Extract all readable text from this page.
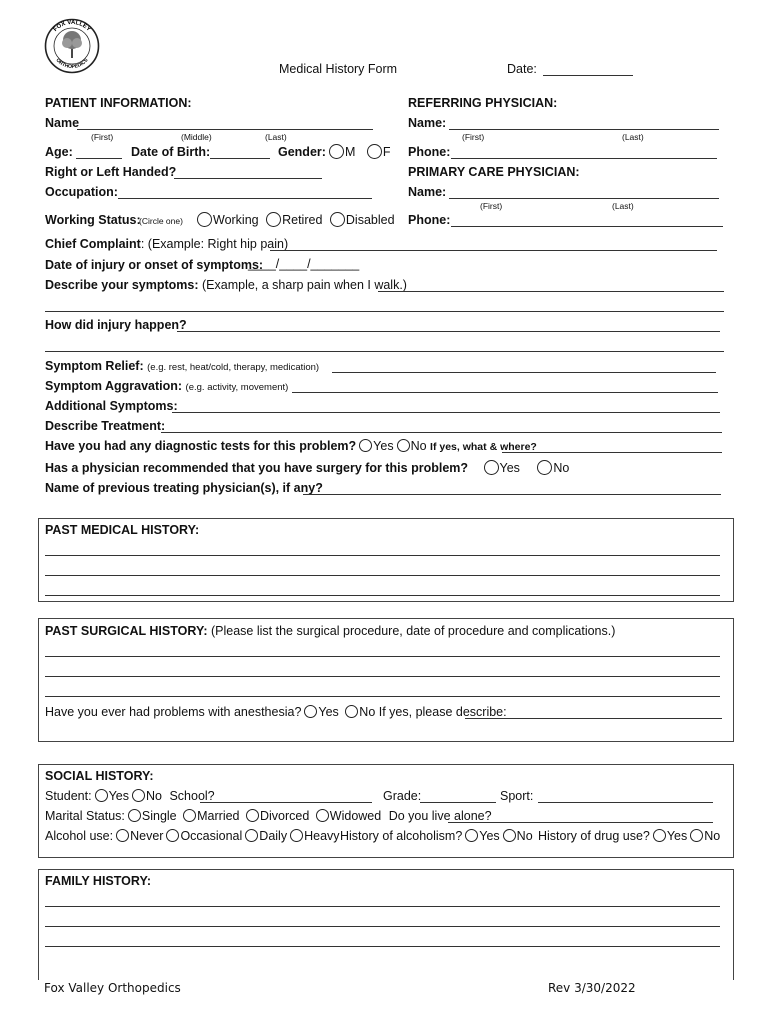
FOX VALLEY
ORTHOPEDICS
Medical History Form	Date:
PATIENT INFORMATION:
Name
(First)	(Middle)	(Last)
Age:	Date of Birth:	Gender:	M F
Right or Left Handed?
Occupation:
Working Status:
(Circle one)	Working Retired Disabled
REFERRING PHYSICIAN:
Name:
(First)	(Last)
Phone:
PRIMARY CARE PHYSICIAN:
Name:
(First)	(Last)
Phone:
Chief Complaint: (Example: Right hip pain)
Date of injury or onset of symptoms:
____/____/_______
Describe your symptoms: (Example, a sharp pain when I walk.)
How did injury happen?
Symptom Relief: (e.g. rest, heat/cold, therapy, medication)
Symptom Aggravation: (e.g. activity, movement)
Additional Symptoms:
Describe Treatment:
Have you had any diagnostic tests for this problem? Yes No If yes, what & where?
Has a physician recommended that you have surgery for this problem?	Yes	No
Name of previous treating physician(s), if any?
PAST MEDICAL HISTORY:
PAST SURGICAL HISTORY: (Please list the surgical procedure, date of procedure and complications.)
Have you ever had problems with anesthesia? Yes No If yes, please describe:
SOCIAL HISTORY:
Student: Yes No School?	Grade:	Sport:
Marital Status: Single Married Divorced Widowed Do you live alone?
Alcohol use: Never Occasional Daily Heavy History of alcoholism? Yes No History of drug use? Yes No
FAMILY HISTORY:
Fox Valley Orthopedics	Rev 3/30/2022
